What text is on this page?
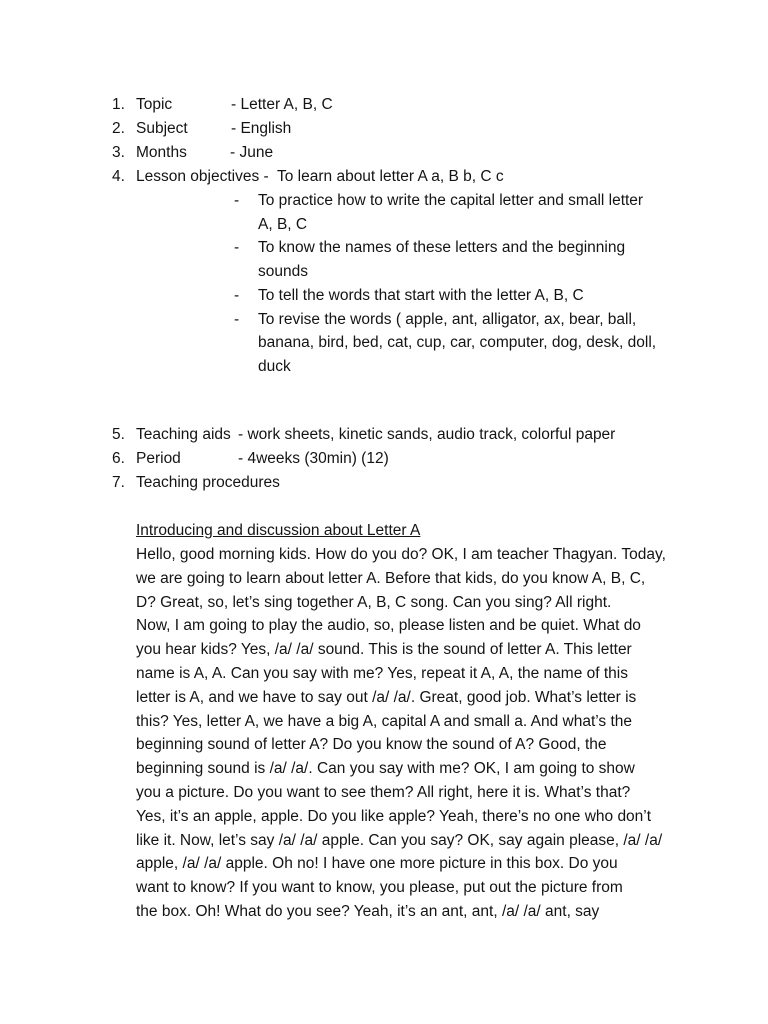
1. Topic	- Letter A, B, C
2. Subject	- English
3. Months	- June
4. Lesson objectives - To learn about letter A a, B b, C c
- To practice how to write the capital letter and small letter
A, B, C
- To know the names of these letters and the beginning
sounds
- To tell the words that start with the letter A, B, C
- To revise the words ( apple, ant, alligator, ax, bear, ball,
banana, bird, bed, cat, cup, car, computer, dog, desk, doll,
duck
5. Teaching aids - work sheets, kinetic sands, audio track, colorful paper
6. Period	- 4weeks (30min) (12)
7. Teaching procedures
Introducing and discussion about Letter A
Hello, good morning kids. How do you do? OK, I am teacher Thagyan. Today,
we are going to learn about letter A. Before that kids, do you know A, B, C,
D? Great, so, let’s sing together A, B, C song. Can you sing? All right.
Now, I am going to play the audio, so, please listen and be quiet. What do
you hear kids? Yes, /a/ /a/ sound. This is the sound of letter A. This letter
name is A, A. Can you say with me? Yes, repeat it A, A, the name of this
letter is A, and we have to say out /a/ /a/. Great, good job. What’s letter is
this? Yes, letter A, we have a big A, capital A and small a. And what’s the
beginning sound of letter A? Do you know the sound of A? Good, the
beginning sound is /a/ /a/. Can you say with me? OK, I am going to show
you a picture. Do you want to see them? All right, here it is. What’s that?
Yes, it’s an apple, apple. Do you like apple? Yeah, there’s no one who don’t
like it. Now, let’s say /a/ /a/ apple. Can you say? OK, say again please, /a/ /a/
apple, /a/ /a/ apple. Oh no! I have one more picture in this box. Do you
want to know? If you want to know, you please, put out the picture from
the box. Oh! What do you see? Yeah, it’s an ant, ant, /a/ /a/ ant, say
